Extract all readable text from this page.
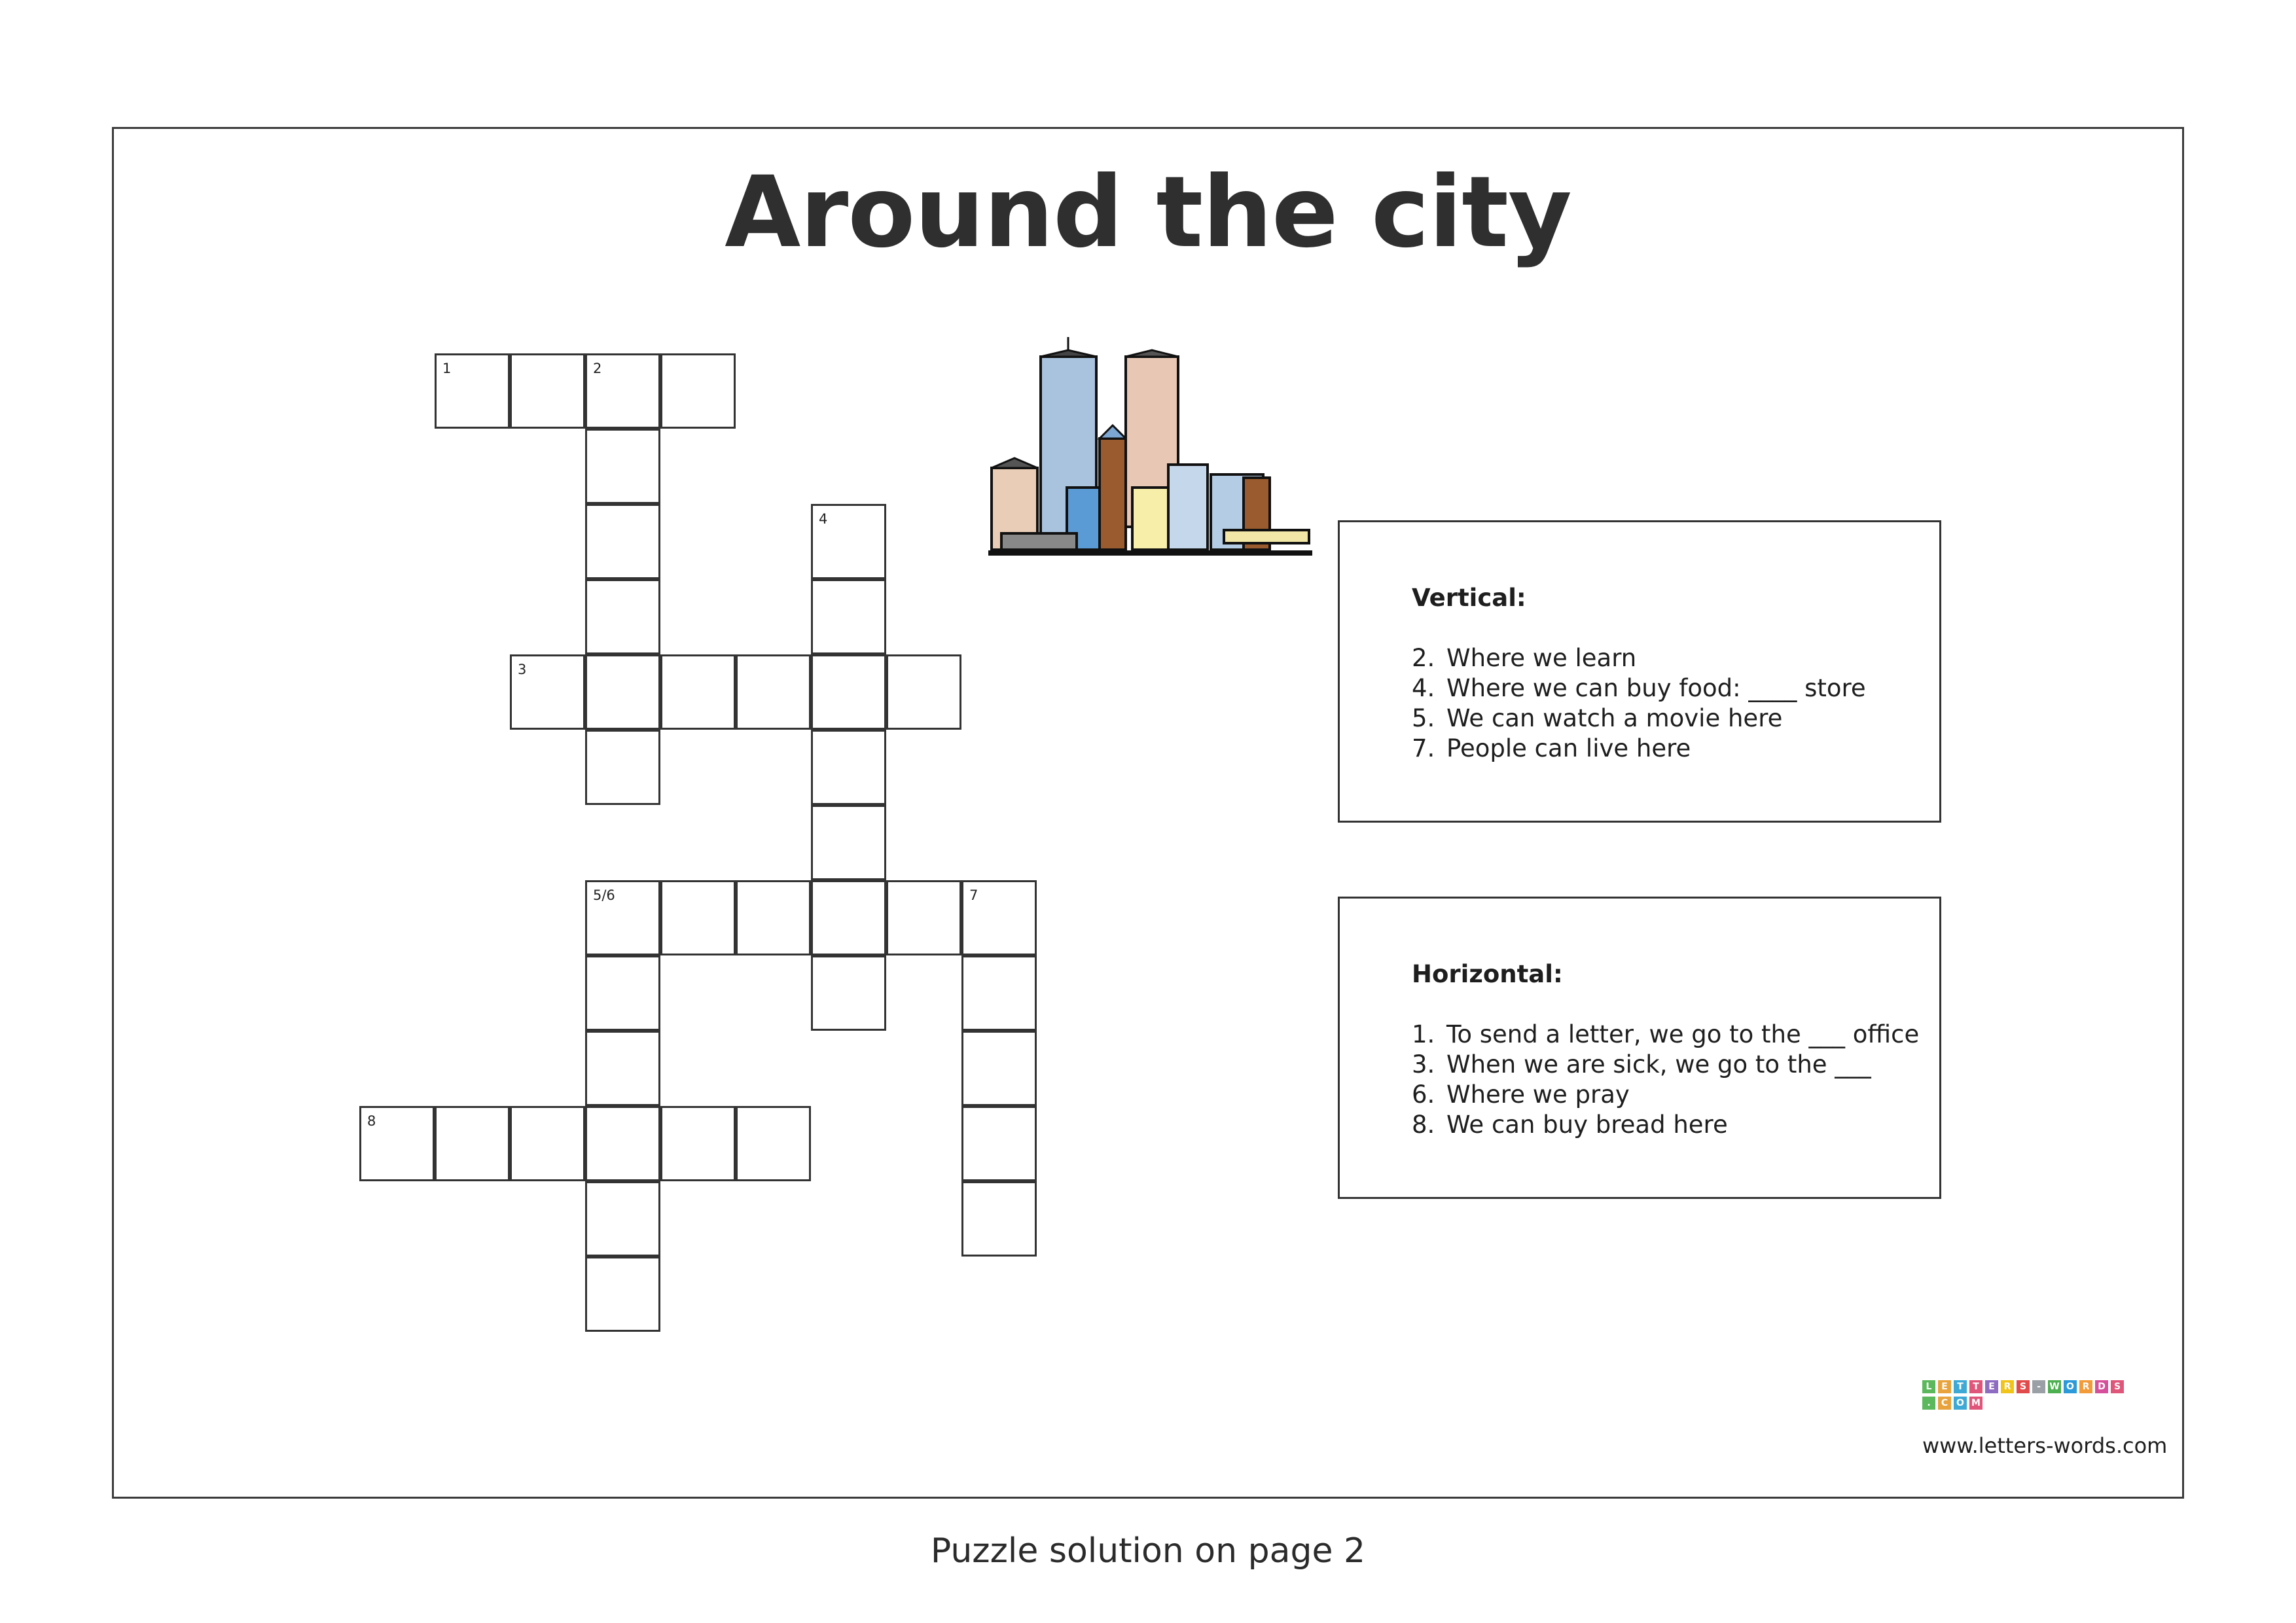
Around the city
1	2
4
3
5/6	7
8
Vertical:
2. Where we learn
4. Where we can buy food: ____ store
5. We can watch a movie here
7. People can live here
Horizontal:
1. To send a letter, we go to the ___ office
3. When we are sick, we go to the ___
6. Where we pray
8. We can buy bread here
L E T T E R S - W O R D S
. C O M
www.letters-words.com
Puzzle solution on page 2
